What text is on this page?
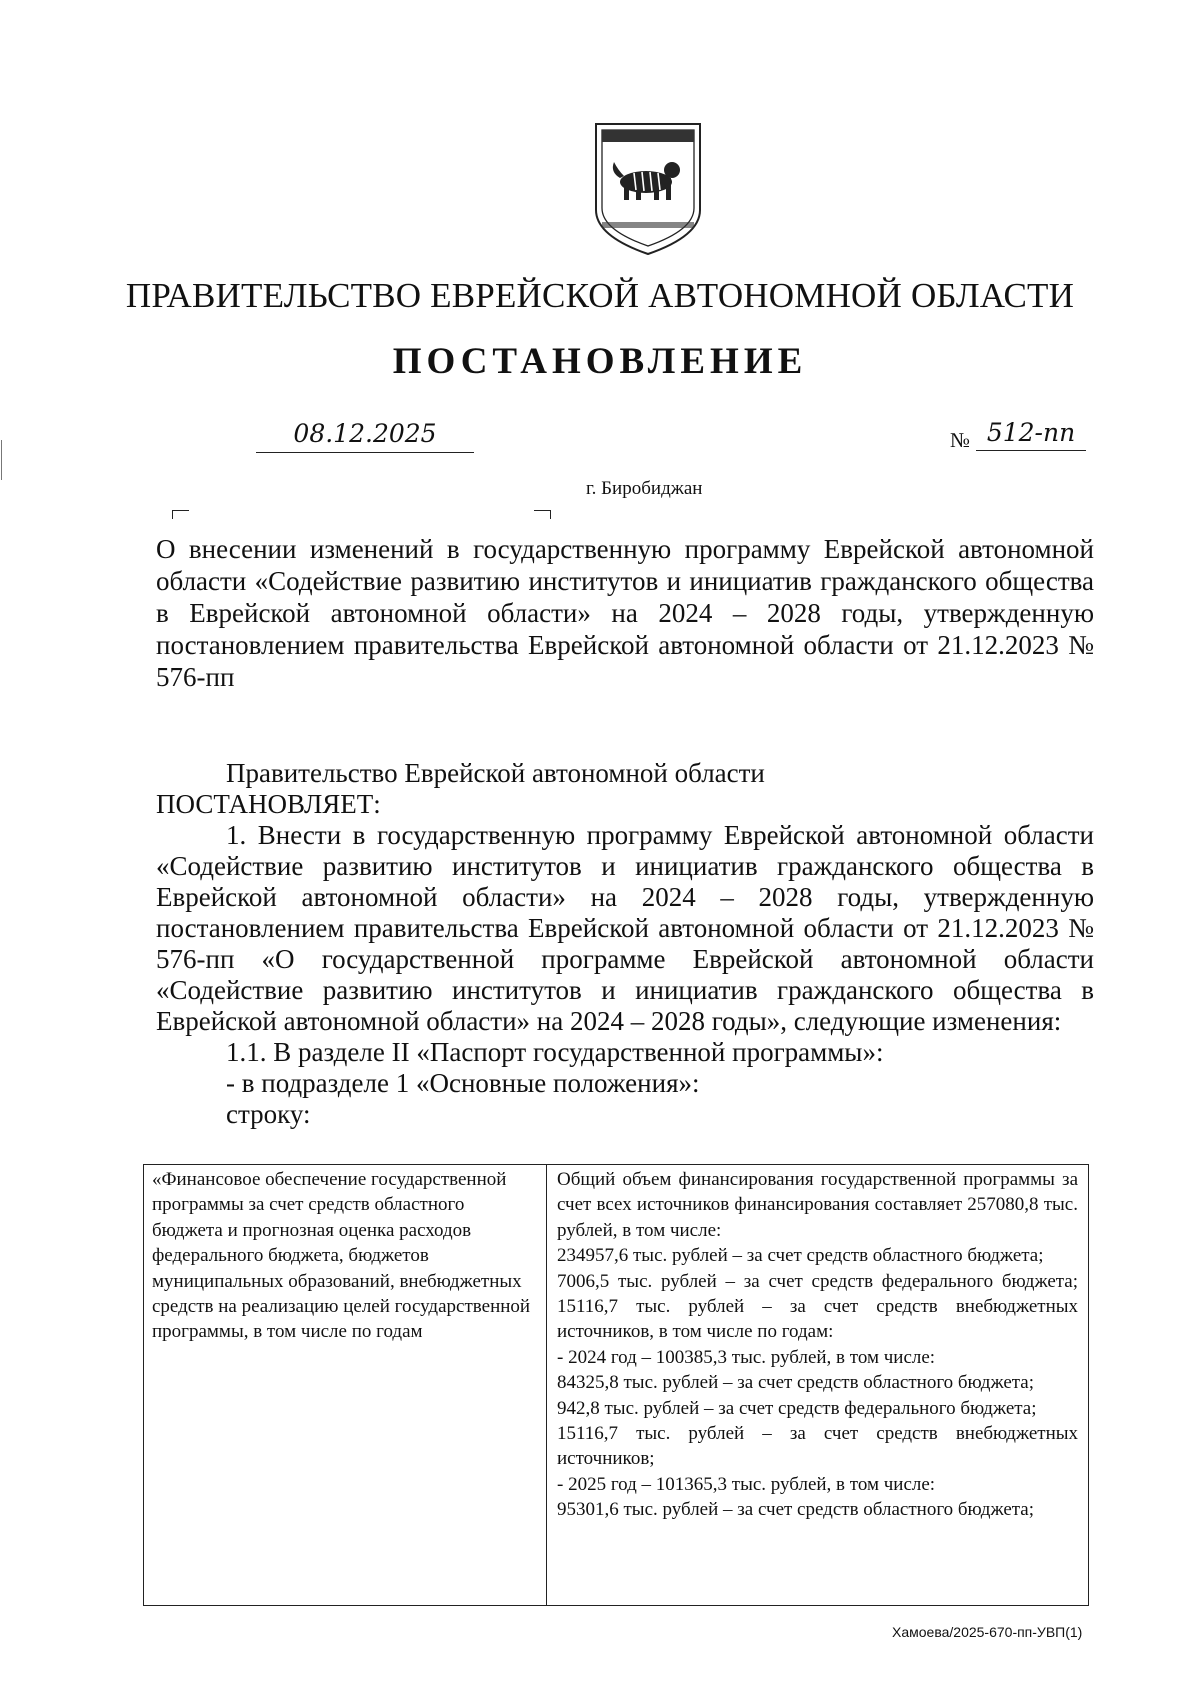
ПРАВИТЕЛЬСТВО ЕВРЕЙСКОЙ АВТОНОМНОЙ ОБЛАСТИ
ПОСТАНОВЛЕНИЕ
08.12.2025	№ 512-пп
г. Биробиджан
О внесении изменений в государственную программу Еврейской автономной области «Содействие развитию институтов и инициатив гражданского общества в Еврейской автономной области» на 2024 – 2028 годы, утвержденную постановлением правительства Еврейской автономной области от 21.12.2023 № 576-пп

Правительство Еврейской автономной области

ПОСТАНОВЛЯЕТ:

1. Внести в государственную программу Еврейской автономной области «Содействие развитию институтов и инициатив гражданского общества в Еврейской автономной области» на 2024 – 2028 годы, утвержденную постановлением правительства Еврейской автономной области от 21.12.2023 № 576-пп «О государственной программе Еврейской автономной области «Содействие развитию институтов и инициатив гражданского общества в Еврейской автономной области» на 2024 – 2028 годы», следующие изменения:

1.1. В разделе II «Паспорт государственной программы»:

- в подразделе 1 «Основные положения»:

строку:

«Финансовое обеспечение государственной программы за счет средств областного бюджета и прогнозная оценка расходов федерального бюджета, бюджетов муниципальных образований, внебюджетных средств на реализацию целей государственной программы, в том числе по годам

Общий объем финансирования государственной программы за счет всех источников финансирования составляет 257080,8 тыс. рублей, в том числе:

234957,6 тыс. рублей – за счет средств областного бюджета;

7006,5 тыс. рублей – за счет средств федерального бюджета; 15116,7 тыс. рублей – за счет средств внебюджетных источников, в том числе по годам:

- 2024 год – 100385,3 тыс. рублей, в том числе:

84325,8 тыс. рублей – за счет средств областного бюджета;

942,8 тыс. рублей – за счет средств федерального бюджета;

15116,7 тыс. рублей – за счет средств внебюджетных источников;

- 2025 год – 101365,3 тыс. рублей, в том числе:

95301,6 тыс. рублей – за счет средств областного бюджета;

Хамоева/2025-670-пп-УВП(1)
